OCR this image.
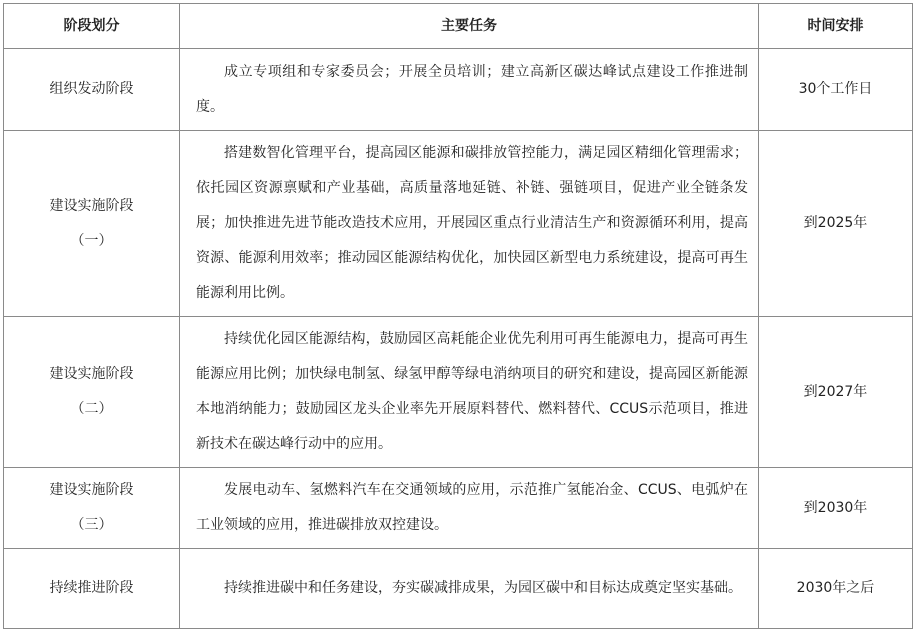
阶段划分	主要任务	时间安排

组织发动阶段	成立专项组和专家委员会；开展全员培训；建立高新区碳达峰试点建设工作推进制度。	30个工作日

建设实施阶段
（一）	搭建数智化管理平台，提高园区能源和碳排放管控能力，满足园区精细化管理需求；依托园区资源禀赋和产业基础，高质量落地延链、补链、强链项目，促进产业全链条发展；加快推进先进节能改造技术应用，开展园区重点行业清洁生产和资源循环利用，提高资源、能源利用效率；推动园区能源结构优化，加快园区新型电力系统建设，提高可再生能源利用比例。	到2025年

建设实施阶段
（二）	持续优化园区能源结构，鼓励园区高耗能企业优先利用可再生能源电力，提高可再生能源应用比例；加快绿电制氢、绿氢甲醇等绿电消纳项目的研究和建设，提高园区新能源本地消纳能力；鼓励园区龙头企业率先开展原料替代、燃料替代、CCUS示范项目，推进新技术在碳达峰行动中的应用。	到2027年

建设实施阶段
（三）	发展电动车、氢燃料汽车在交通领域的应用，示范推广氢能冶金、CCUS、电弧炉在工业领域的应用，推进碳排放双控建设。	到2030年

持续推进阶段	持续推进碳中和任务建设，夯实碳减排成果，为园区碳中和目标达成奠定坚实基础。	2030年之后
